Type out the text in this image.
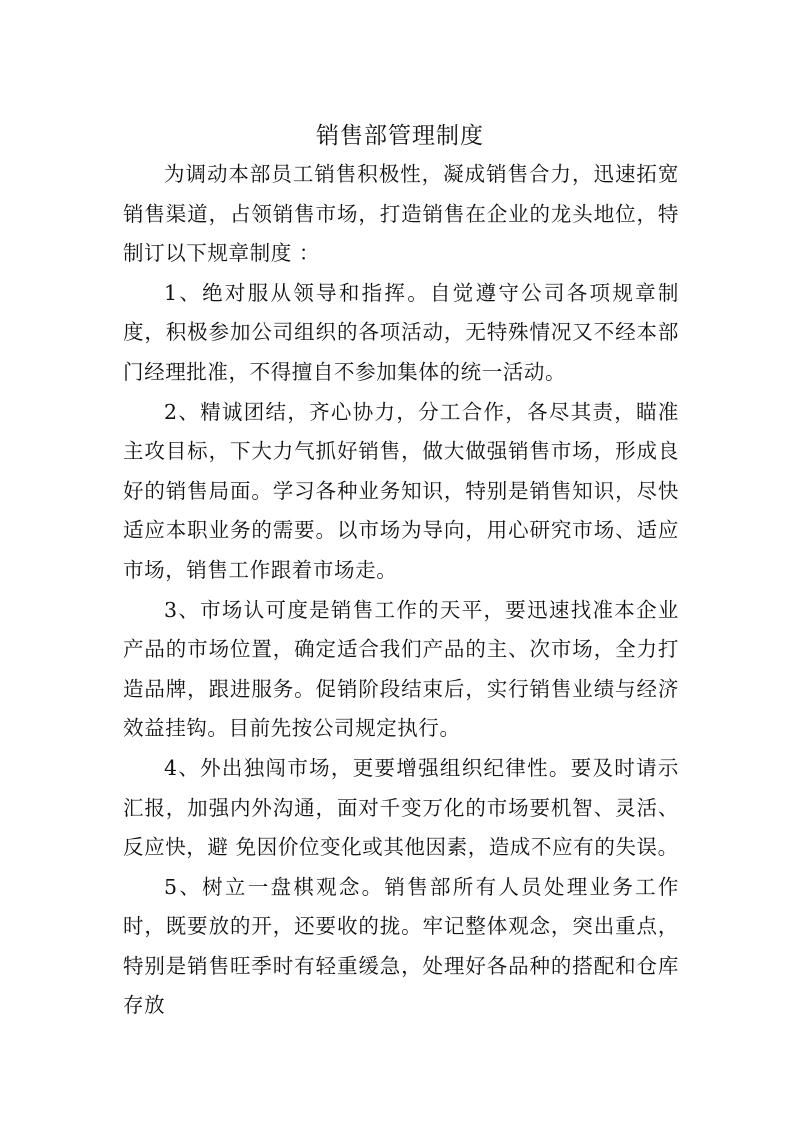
销售部管理制度

为调动本部员工销售积极性，凝成销售合力，迅速拓宽销售渠道，占领销售市场，打造销售在企业的龙头地位，特制订以下规章制度 ：

1、绝对服从领导和指挥。自觉遵守公司各项规章制度，积极参加公司组织的各项活动，无特殊情况又不经本部门经理批准，不得擅自不参加集体的统一活动。

2、精诚团结，齐心协力，分工合作，各尽其责，瞄准主攻目标，下大力气抓好销售，做大做强销售市场，形成良好的销售局面。学习各种业务知识，特别是销售知识，尽快适应本职业务的需要。以市场为导向，用心研究市场、适应市场，销售工作跟着市场走。

3、市场认可度是销售工作的天平，要迅速找准本企业产品的市场位置，确定适合我们产品的主、次市场，全力打造品牌，跟进服务。促销阶段结束后，实行销售业绩与经济效益挂钩。目前先按公司规定执行。

4、外出独闯市场，更要增强组织纪律性。要及时请示汇报，加强内外沟通，面对千变万化的市场要机智、灵活、反应快，避 免因价位变化或其他因素，造成不应有的失误。

5、树立一盘棋观念。销售部所有人员处理业务工作时，既要放的开，还要收的拢。牢记整体观念，突出重点，特别是销售旺季时有轻重缓急，处理好各品种的搭配和仓库存放
